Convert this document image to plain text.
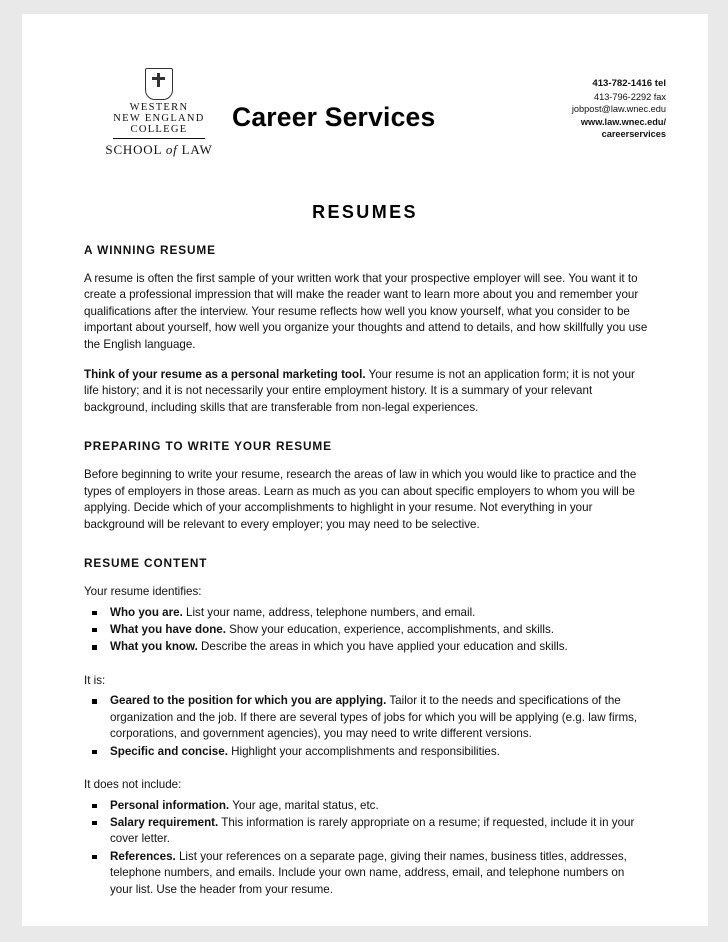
WESTERN
NEW ENGLAND
COLLEGE
SCHOOL of LAW
Career Services
413-782-1416 tel
413-796-2292 fax
jobpost@law.wnec.edu
www.law.wnec.edu/
careerservices
RESUMES
A WINNING RESUME

A resume is often the first sample of your written work that your prospective employer will see. You want it to create a professional impression that will make the reader want to learn more about you and remember your qualifications after the interview. Your resume reflects how well you know yourself, what you consider to be important about yourself, how well you organize your thoughts and attend to details, and how skillfully you use the English language.

Think of your resume as a personal marketing tool. Your resume is not an application form; it is not your life history; and it is not necessarily your entire employment history. It is a summary of your relevant background, including skills that are transferable from non-legal experiences.

PREPARING TO WRITE YOUR RESUME

Before beginning to write your resume, research the areas of law in which you would like to practice and the types of employers in those areas. Learn as much as you can about specific employers to whom you will be applying. Decide which of your accomplishments to highlight in your resume. Not everything in your background will be relevant to every employer; you may need to be selective.

RESUME CONTENT

Your resume identifies:

Who you are. List your name, address, telephone numbers, and email.
What you have done. Show your education, experience, accomplishments, and skills.
What you know. Describe the areas in which you have applied your education and skills.

It is:

Geared to the position for which you are applying. Tailor it to the needs and specifications of the organization and the job. If there are several types of jobs for which you will be applying (e.g. law firms, corporations, and government agencies), you may need to write different versions.
Specific and concise. Highlight your accomplishments and responsibilities.

It does not include:

Personal information. Your age, marital status, etc.
Salary requirement. This information is rarely appropriate on a resume; if requested, include it in your cover letter.
References. List your references on a separate page, giving their names, business titles, addresses, telephone numbers, and emails. Include your own name, address, email, and telephone numbers on your list. Use the header from your resume.
